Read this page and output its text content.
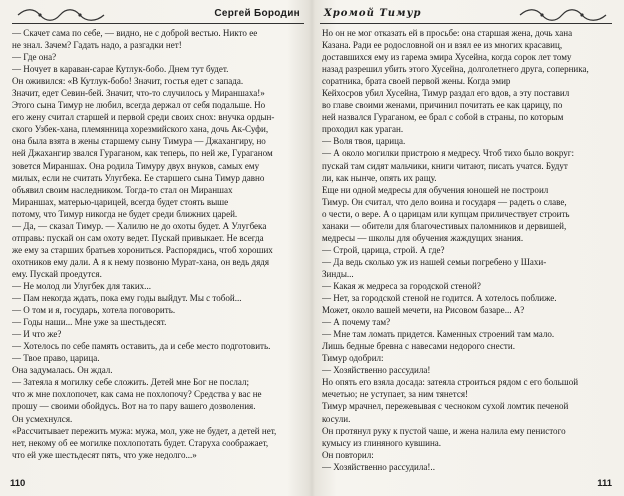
Сергей Бородин
— Скачет сама по себе, — видно, не с доброй вестью. Никто ее
не знал. Зачем? Гадать надо, а разгадки нет!
— Где она?
— Ночует в караван-сарае Кутлук-бобо. Днем тут будет.
Он оживился: «В Кутлук-бобо! Значит, гостья едет с запада.
Значит, едет Севин-бей. Значит, что-то случилось у Мираншаха!»
Этого сына Тимур не любил, всегда держал от себя подальше. Но
его жену считал старшей и первой среди своих снох: внучка ордын-
ского Узбек-хана, племянница хорезмийского хана, дочь Ак-Суфи,
она была взята в жены старшему сыну Тимура — Джахангиру, но
ней Джахангир звался Гураганом, как теперь, по ней же, Гураганом
зовется Мираншах. Она родила Тимуру двух внуков, самых ему
милых, если не считать Улугбека. Ее старшего сына Тимур давно
объявил своим наследником. Тогда-то стал он Мираншах
Мираншах, матерью-царицей, всегда будет стоять выше
потому, что Тимур никогда не будет среди ближних царей.
— Да, — сказал Тимур. — Халилю не до охоты будет. А Улугбека
отправь: пускай он сам охоту ведет. Пускай привыкает. Не всегда
же ему за старших братьев хорониться. Распорядись, чтоб хороших
охотников ему дали. А я к нему позвоню Мурат-хана, он ведь дядя
ему. Пускай проедутся.
— Не молод ли Улугбек для таких...
— Пам некогда ждать, пока ему годы выйдут. Мы с тобой...
— О том и я, государь, хотела поговорить.
— Годы наши... Мне уже за шестьдесят.
— И что же?
— Хотелось по себе память оставить, да и себе место подготовить.
— Твое право, царица.
Она задумалась. Он ждал.
— Затеяла я могилку себе сложить. Детей мне Бог не послал;
что ж мне похлопочет, как сама не похлопочу? Средства у вас не
прошу — своими обойдусь. Вот на то пару вашего дозволения.
Он усмехнулся.
«Рассчитывает пережить мужа: мужа, мол, уже не будет, а детей нет,
нет, некому об ее могилке похлопотать будет. Старуха соображает,
что ей уже шестьдесят пять, что уже недолго...»
110
Хромой Тимур
Но он не мог отказать ей в просьбе: она старшая жена, дочь хана
Казана. Ради ее родословной он и взял ее из многих красавиц,
доставшихся ему из гарема эмира Хусейна, когда сорок лет тому
назад разрешил убить этого Хусейна, долголетнего друга, соперника,
соратника, брата своей первой жены. Когда эмир
Кейхосров убил Хусейна, Тимур раздал его вдов, а эту поставил
во главе своими женами, причинил почитать ее как царицу, по
ней назвался Гураганом, ее брал с собой в страны, по которым
проходил как ураган.
— Воля твоя, царица.
— А около могилки пристрою я медресу. Чтоб тихо было вокруг:
пускай там сидят мальчики, книги читают, писать учатся. Будут
ли, как нынче, опять их ращу.
Еще ни одной медресы для обучения юношей не построил
Тимур. Он считал, что дело воина и государя — радеть о славе,
о чести, о вере. А о царицам или купцам приличествует строить
ханаки — обители для благочестивых паломников и дервишей,
медресы — школы для обучения жаждущих знания.
— Строй, царица, строй. А где?
— Да ведь сколько уж из нашей семьи погребено у Шахи-
Зинды...
— Какая ж медреса за городской стеной?
— Нет, за городской стеной не годится. А хотелось поближе.
Может, около вашей мечети, на Рисовом базаре... А?
— А почему там?
— Мне там ломать придется. Каменных строений там мало.
Лишь бедные бревна с навесами недорого снести.
Тимур одобрил:
— Хозяйственно рассудила!
Но опять его взяла досада: затеяла строиться рядом с его большой
мечетью; не уступает, за ним тянется!
Тимур мрачнел, пережевывая с чесноком сухой ломтик печеной
косули.
Он протянул руку к пустой чаше, и жена налила ему пенистого
кумысу из глиняного кувшина.
Он повторил:
— Хозяйственно рассудила!..
111
